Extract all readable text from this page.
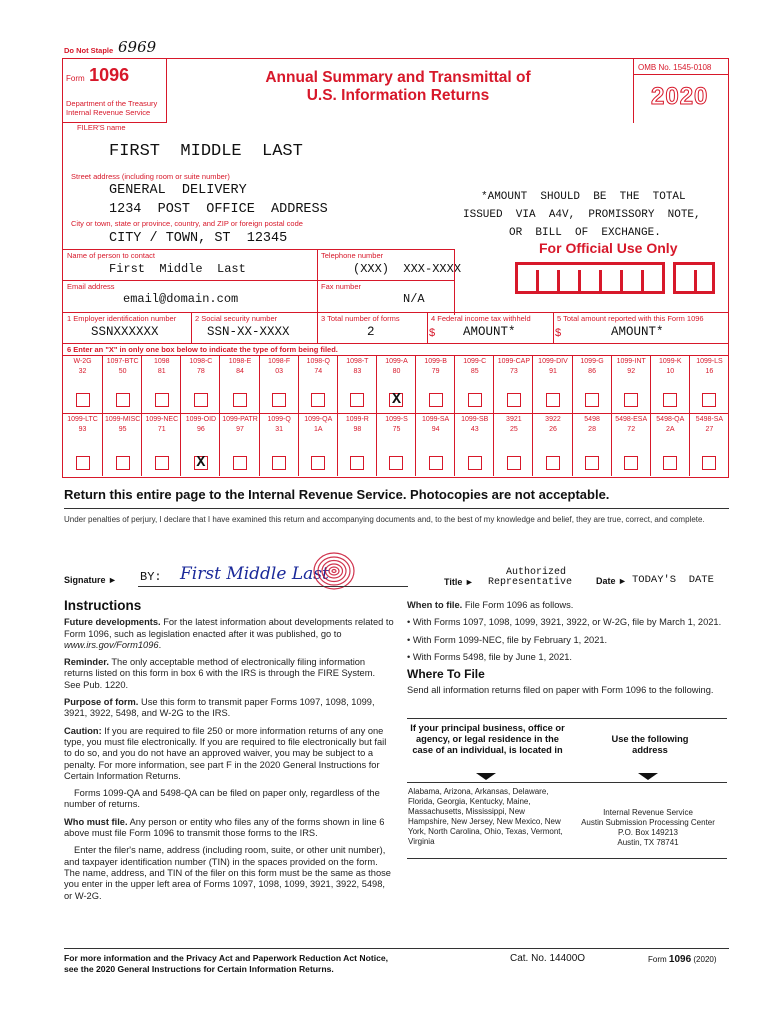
Do Not Staple 6969
Form 1096
Department of the Treasury
Internal Revenue Service
Annual Summary and Transmittal of
U.S. Information Returns
OMB No. 1545-0108
2020
FILER'S name
FIRST  MIDDLE  LAST
Street address (including room or suite number)
GENERAL  DELIVERY
1234  POST  OFFICE  ADDRESS
City or town, state or province, country, and ZIP or foreign postal code
CITY / TOWN, ST  12345
*AMOUNT  SHOULD  BE  THE  TOTAL
ISSUED  VIA  A4V,  PROMISSORY  NOTE,
OR  BILL  OF  EXCHANGE.
For Official Use Only
Name of person to contact
First  Middle  Last
Telephone number
(XXX)  XXX-XXXX
Email address
email@domain.com
Fax number
N/A
1 Employer identification number
SSNXXXXXX
2 Social security number
SSN-XX-XXXX
3 Total number of forms
2
4 Federal income tax withheld
$ AMOUNT*
5 Total amount reported with this Form 1096
$	AMOUNT*
6 Enter an "X" in only one box below to indicate the type of form being filed.
W-2G
32
1097-BTC
50
1098
81
1098-C
78
1098-E
84
1098-F
03
1098-Q
74
1098-T
83
1099-A
80
X
1099-B
79
1099-C
85
1099-CAP
73
1099-DIV
91
1099-G
86
1099-INT
92
1099-K
10
1099-LS
16
1099-LTC
93
1099-MISC
95
1099-NEC
71
1099-OID
96
X
1099-PATR
97
1099-Q
31
1099-QA
1A
1099-R
98
1099-S
75
1099-SA
94
1099-SB
43
3921
25
3922
26
5498
28
5498-ESA
72
5498-QA
2A
5498-SA
27
Return this entire page to the Internal Revenue Service. Photocopies are not acceptable.
Under penalties of perjury, I declare that I have examined this return and accompanying documents and, to the best of my knowledge and belief, they are true, correct, and complete.
Signature ► BY: First Middle Last	Title ►
Authorized
Representative	Date ► TODAY'S  DATE
Instructions

Future developments. For the latest information about developments related to Form 1096, such as legislation enacted after it was published, go to www.irs.gov/Form1096.

Reminder. The only acceptable method of electronically filing information returns listed on this form in box 6 with the IRS is through the FIRE System. See Pub. 1220.

Purpose of form. Use this form to transmit paper Forms 1097, 1098, 1099, 3921, 3922, 5498, and W-2G to the IRS.

Caution: If you are required to file 250 or more information returns of any one type, you must file electronically. If you are required to file electronically but fail to do so, and you do not have an approved waiver, you may be subject to a penalty. For more information, see part F in the 2020 General Instructions for Certain Information Returns.

Forms 1099-QA and 5498-QA can be filed on paper only, regardless of the number of returns.

Who must file. Any person or entity who files any of the forms shown in line 6 above must file Form 1096 to transmit those forms to the IRS.

Enter the filer's name, address (including room, suite, or other unit number), and taxpayer identification number (TIN) in the spaces provided on the form. The name, address, and TIN of the filer on this form must be the same as those you enter in the upper left area of Forms 1097, 1098, 1099, 3921, 3922, 5498, or W-2G.

When to file. File Form 1096 as follows.

• With Forms 1097, 1098, 1099, 3921, 3922, or W-2G, file by March 1, 2021.

• With Form 1099-NEC, file by February 1, 2021.

• With Forms 5498, file by June 1, 2021.

Where To File

Send all information returns filed on paper with Form 1096 to the following.

If your principal business, office or agency, or legal residence in the case of an individual, is located in
Use the following address
Alabama, Arizona, Arkansas, Delaware, Florida, Georgia, Kentucky, Maine, Massachusetts, Mississippi, New Hampshire, New Jersey, New Mexico, New York, North Carolina, Ohio, Texas, Vermont, Virginia
Internal Revenue Service
Austin Submission Processing Center
P.O. Box 149213
Austin, TX 78741
For more information and the Privacy Act and Paperwork Reduction Act Notice,
see the 2020 General Instructions for Certain Information Returns.
Cat. No. 14400O	Form 1096 (2020)
